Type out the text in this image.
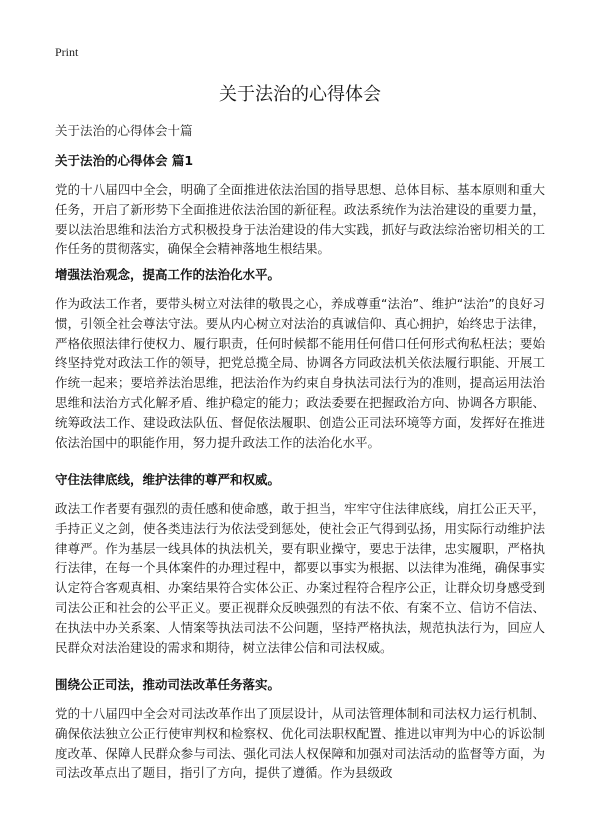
Print
关于法治的心得体会
关于法治的心得体会十篇
关于法治的心得体会 篇1

党的十八届四中全会，明确了全面推进依法治国的指导思想、总体目标、基本原则和重大任务，开启了新形势下全面推进依法治国的新征程。政法系统作为法治建设的重要力量，要以法治思维和法治方式积极投身于法治建设的伟大实践，抓好与政法综治密切相关的工作任务的贯彻落实，确保全会精神落地生根结果。

增强法治观念，提高工作的法治化水平。

作为政法工作者，要带头树立对法律的敬畏之心，养成尊重“法治”、维护“法治”的良好习惯，引领全社会尊法守法。要从内心树立对法治的真诚信仰、真心拥护，始终忠于法律，严格依照法律行使权力、履行职责，任何时候都不能用任何借口任何形式徇私枉法；要始终坚持党对政法工作的领导，把党总揽全局、协调各方同政法机关依法履行职能、开展工作统一起来；要培养法治思维，把法治作为约束自身执法司法行为的准则，提高运用法治思维和法治方式化解矛盾、维护稳定的能力；政法委要在把握政治方向、协调各方职能、统筹政法工作、建设政法队伍、督促依法履职、创造公正司法环境等方面，发挥好在推进依法治国中的职能作用，努力提升政法工作的法治化水平。

守住法律底线，维护法律的尊严和权威。

政法工作者要有强烈的责任感和使命感，敢于担当，牢牢守住法律底线，肩扛公正天平，手持正义之剑，使各类违法行为依法受到惩处，使社会正气得到弘扬，用实际行动维护法律尊严。作为基层一线具体的执法机关，要有职业操守，要忠于法律，忠实履职，严格执行法律，在每一个具体案件的办理过程中，都要以事实为根据、以法律为准绳，确保事实认定符合客观真相、办案结果符合实体公正、办案过程符合程序公正，让群众切身感受到司法公正和社会的公平正义。要正视群众反映强烈的有法不依、有案不立、信访不信法、在执法中办关系案、人情案等执法司法不公问题，坚持严格执法，规范执法行为，回应人民群众对法治建设的需求和期待，树立法律公信和司法权威。

围绕公正司法，推动司法改革任务落实。

党的十八届四中全会对司法改革作出了顶层设计，从司法管理体制和司法权力运行机制、确保依法独立公正行使审判权和检察权、优化司法职权配置、推进以审判为中心的诉讼制度改革、保障人民群众参与司法、强化司法人权保障和加强对司法活动的监督等方面，为司法改革点出了题目，指引了方向，提供了遵循。作为县级政
